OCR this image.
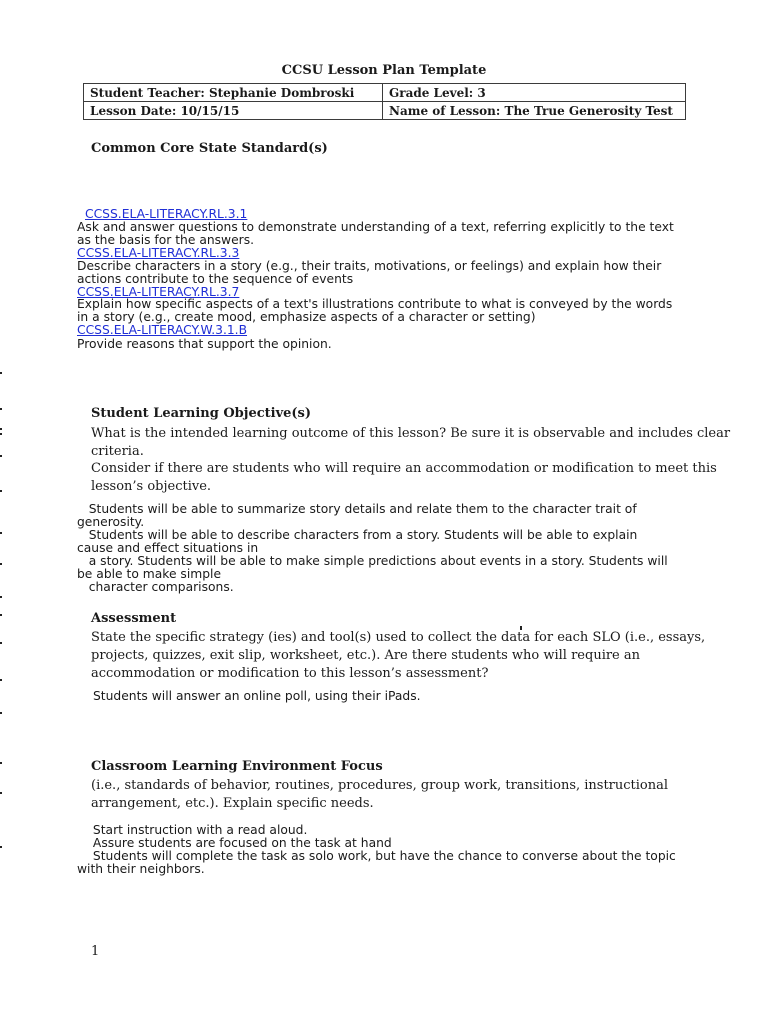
CCSU Lesson Plan Template
Student Teacher: Stephanie Dombroski	Grade Level: 3
Lesson Date: 10/15/15	Name of Lesson: The True Generosity Test
Common Core State Standard(s)
CCSS.ELA-LITERACY.RL.3.1
Ask and answer questions to demonstrate understanding of a text, referring explicitly to the text
as the basis for the answers.
CCSS.ELA-LITERACY.RL.3.3
Describe characters in a story (e.g., their traits, motivations, or feelings) and explain how their
actions contribute to the sequence of events
CCSS.ELA-LITERACY.RL.3.7
Explain how specific aspects of a text's illustrations contribute to what is conveyed by the words
in a story (e.g., create mood, emphasize aspects of a character or setting)
CCSS.ELA-LITERACY.W.3.1.B
Provide reasons that support the opinion.
Student Learning Objective(s)
What is the intended learning outcome of this lesson? Be sure it is observable and includes clear
criteria.
Consider if there are students who will require an accommodation or modification to meet this
lesson’s objective.
Students will be able to summarize story details and relate them to the character trait of
generosity.
Students will be able to describe characters from a story. Students will be able to explain
cause and effect situations in
a story. Students will be able to make simple predictions about events in a story. Students will
be able to make simple
character comparisons.
Assessment
State the specific strategy (ies) and tool(s) used to collect the data for each SLO (i.e., essays,
projects, quizzes, exit slip, worksheet, etc.). Are there students who will require an
accommodation or modification to this lesson’s assessment?
Students will answer an online poll, using their iPads.
Classroom Learning Environment Focus
(i.e., standards of behavior, routines, procedures, group work, transitions, instructional
arrangement, etc.). Explain specific needs.
Start instruction with a read aloud.
Assure students are focused on the task at hand
Students will complete the task as solo work, but have the chance to converse about the topic
with their neighbors.
1
